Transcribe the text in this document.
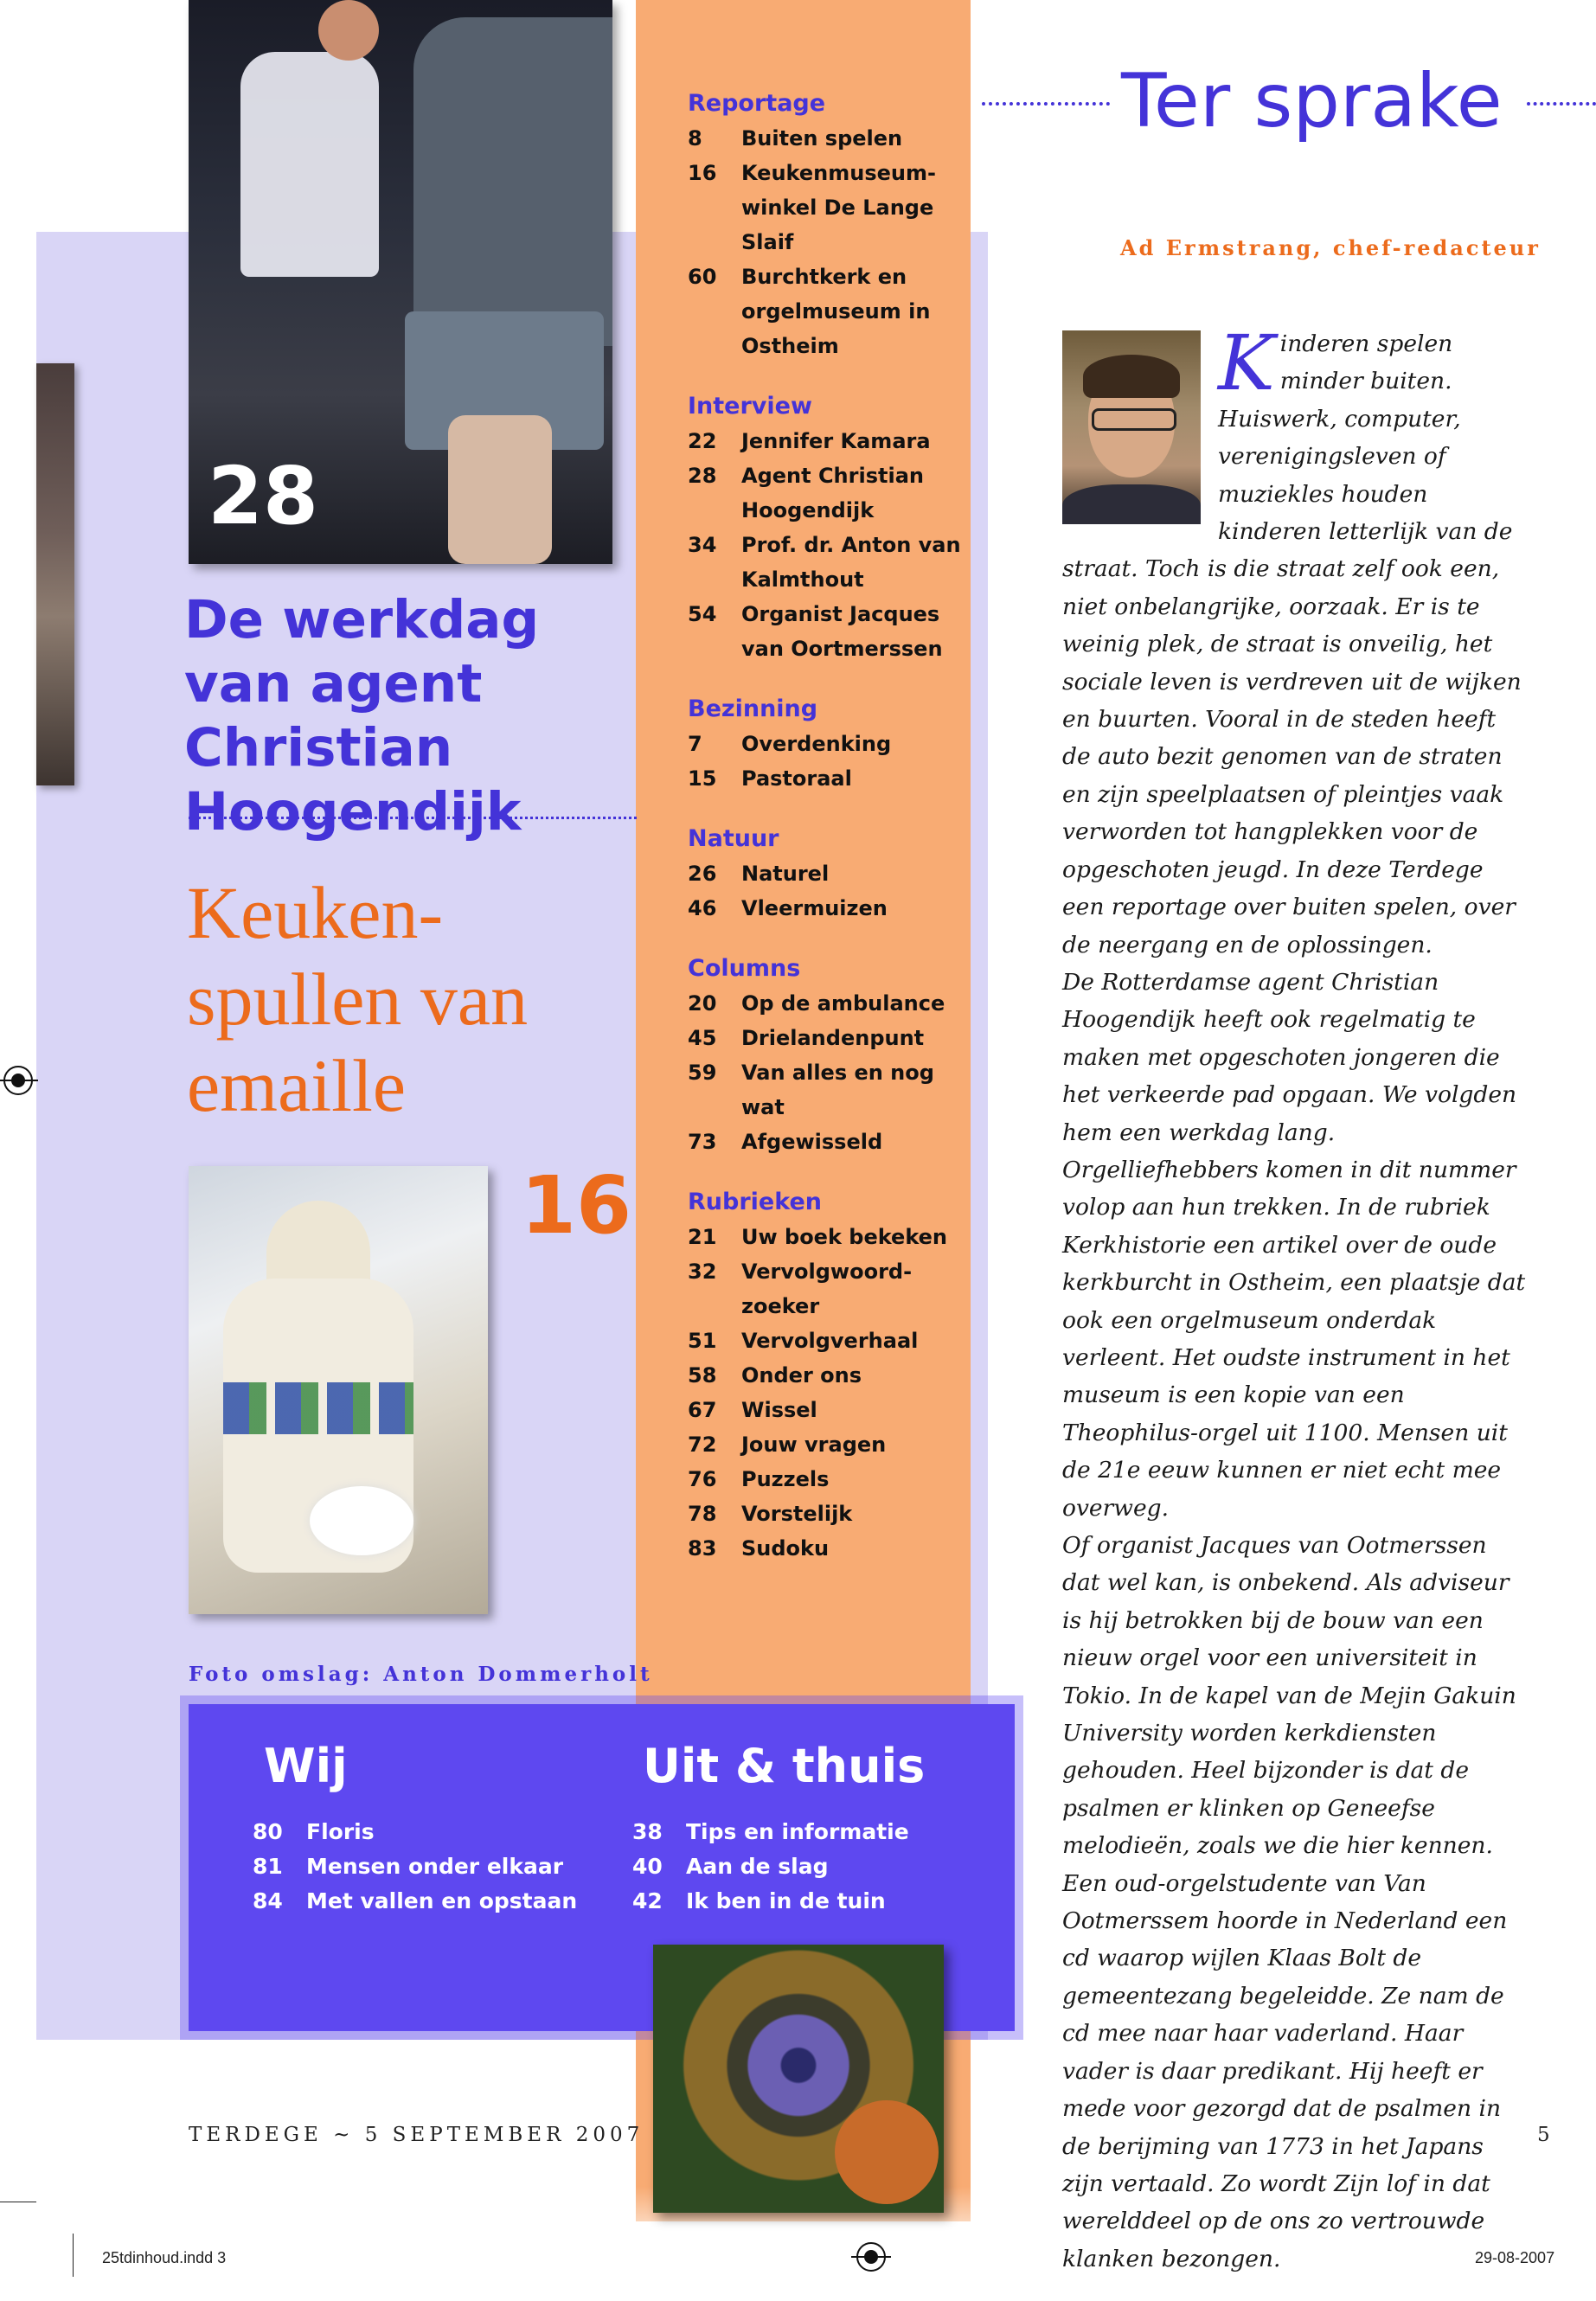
28
De werkdag van agent Christian Hoogendijk
Keuken-spullen van emaille
16
Foto omslag: Anton Dommerholt
Reportage
8	Buiten spelen
16	Keukenmuseum-winkel De Lange Slaif
60	Burchtkerk en orgelmuseum in Ostheim
Interview
22	Jennifer Kamara
28	Agent Christian Hoogendijk
34	Prof. dr. Anton van Kalmthout
54	Organist Jacques van Oortmerssen
Bezinning
7	Overdenking
15	Pastoraal
Natuur
26	Naturel
46	Vleermuizen
Columns
20	Op de ambulance
45	Drielandenpunt
59	Van alles en nog wat
73	Afgewisseld
Rubrieken
21	Uw boek bekeken
32	Vervolgwoord-zoeker
51	Vervolgverhaal
58	Onder ons
67	Wissel
72	Jouw vragen
76	Puzzels
78	Vorstelijk
83	Sudoku
Wij	Uit & thuis
80	Floris
81	Mensen onder elkaar
84	Met vallen en opstaan
38	Tips en informatie
40	Aan de slag
42	Ik ben in de tuin
Ter sprake
Ad Ermstrang, chef-redacteur

Kinderen spelen minder buiten. Huiswerk, computer, verenigingsleven of muziekles houden kinderen letterlijk van de straat. Toch is die straat zelf ook een, niet onbelangrijke, oorzaak. Er is te weinig plek, de straat is onveilig, het sociale leven is verdreven uit de wijken en buurten. Vooral in de steden heeft de auto bezit genomen van de straten en zijn speelplaatsen of pleintjes vaak verworden tot hangplekken voor de opgeschoten jeugd. In deze Terdege een reportage over buiten spelen, over de neergang en de oplossingen.

De Rotterdamse agent Christian Hoogendijk heeft ook regelmatig te maken met opgeschoten jongeren die het verkeerde pad opgaan. We volgden hem een werkdag lang.

Orgelliefhebbers komen in dit nummer volop aan hun trekken. In de rubriek Kerkhistorie een artikel over de oude kerkburcht in Ostheim, een plaatsje dat ook een orgelmuseum onderdak verleent. Het oudste instrument in het museum is een kopie van een Theophilus-orgel uit 1100. Mensen uit de 21e eeuw kunnen er niet echt mee overweg.

Of organist Jacques van Ootmerssen dat wel kan, is onbekend. Als adviseur is hij betrokken bij de bouw van een nieuw orgel voor een universiteit in Tokio. In de kapel van de Mejin Gakuin University worden kerkdiensten gehouden. Heel bijzonder is dat de psalmen er klinken op Geneefse melodieën, zoals we die hier kennen. Een oud-orgelstudente van Van Ootmerssem hoorde in Nederland een cd waarop wijlen Klaas Bolt de gemeentezang begeleidde. Ze nam de cd mee naar haar vaderland. Haar vader is daar predikant. Hij heeft er mede voor gezorgd dat de psalmen in de berijming van 1773 in het Japans zijn vertaald. Zo wordt Zijn lof in dat werelddeel op de ons zo vertrouwde klanken bezongen.

TERDEGE ~ 5 SEPTEMBER 2007	5
25tdinhoud.indd 3	29-08-2007
